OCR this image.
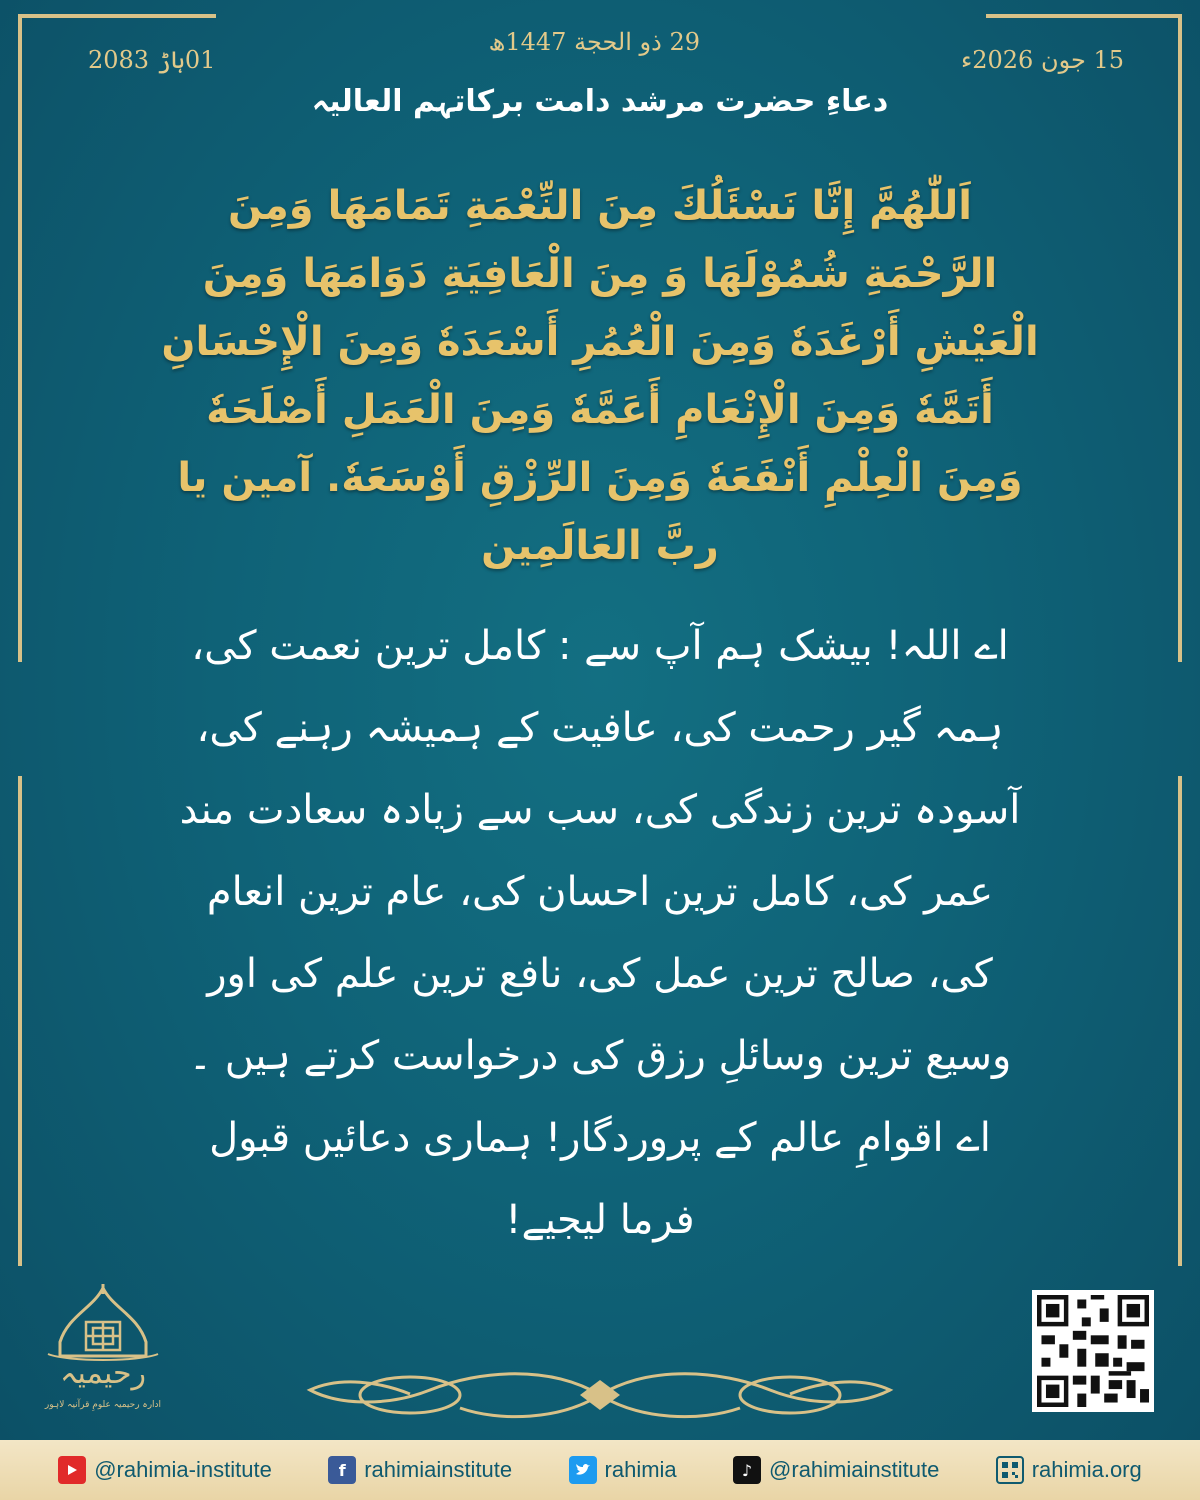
29 ذو الحجة 1447ھ
15 جون 2026ء
01ہاڑ 2083
دعاءِ حضرت مرشد دامت برکاتہم العالیہ
اَللّٰھُمَّ إِنَّا نَسْئَلُكَ مِنَ النِّعْمَةِ تَمَامَهَا وَمِنَ الرَّحْمَةِ شُمُوْلَهَا وَ مِنَ الْعَافِيَةِ دَوَامَهَا وَمِنَ الْعَيْشِ أَرْغَدَهٗ وَمِنَ الْعُمُرِ أَسْعَدَهٗ وَمِنَ الْإِحْسَانِ أَتَمَّهٗ وَمِنَ الْإِنْعَامِ أَعَمَّهٗ وَمِنَ الْعَمَلِ أَصْلَحَهٗ وَمِنَ الْعِلْمِ أَنْفَعَهٗ وَمِنَ الرِّزْقِ أَوْسَعَهٗ. آمین یا ربَّ العَالَمِین
اے اللہ! بیشک ہم آپ سے : کامل ترین نعمت کی، ہمہ گیر رحمت کی، عافیت کے ہمیشہ رہنے کی، آسودہ ترین زندگی کی، سب سے زیادہ سعادت مند عمر کی، کامل ترین احسان کی، عام ترین انعام کی، صالح ترین عمل کی، نافع ترین علم کی اور وسیع ترین وسائلِ رزق کی درخواست کرتے ہیں ۔ اے اقوامِ عالم کے پروردگار! ہماری دعائیں قبول فرما لیجیے!
رحیمیہ
ادارہ رحیمیہ علومِ قرآنیہ لاہور
@rahimia-institute	f rahimiainstitute	rahimia	♪ @rahimiainstitute	rahimia.org
